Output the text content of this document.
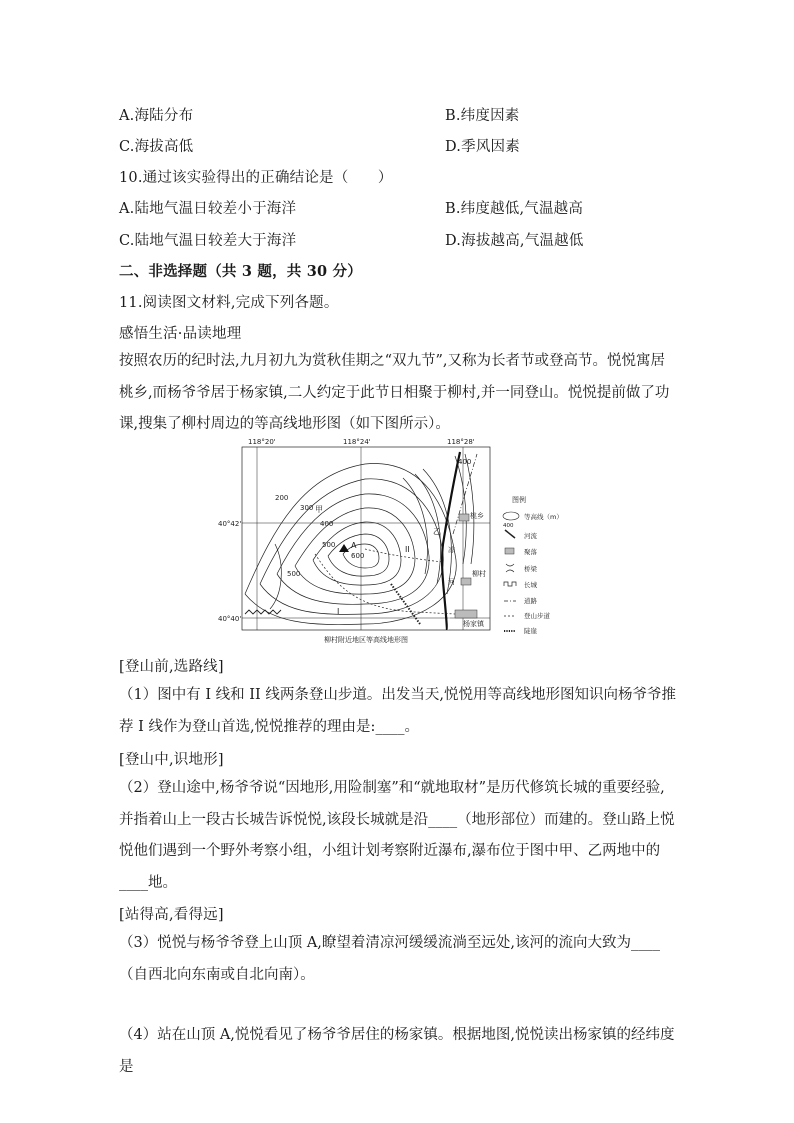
A.海陆分布	B.纬度因素
C.海拔高低	D.季风因素
10.通过该实验得出的正确结论是（　　）
A.陆地气温日较差小于海洋	B.纬度越低,气温越高
C.陆地气温日较差大于海洋	D.海拔越高,气温越低
二、非选择题（共 3 题，共 30 分）
11.阅读图文材料,完成下列各题。
感悟生活·品读地理
按照农历的纪时法,九月初九为赏秋佳期之“双九节”,又称为长者节或登高节。悦悦寓居桃乡,而杨爷爷居于杨家镇,二人约定于此节日相聚于柳村,并一同登山。悦悦提前做了功课,搜集了柳村周边的等高线地形图（如下图所示）。
118°20'	118°24'	118°28'
40°42'
40°40'
200
300
400
500
500
600
400
甲
乙
A
I
II
桃乡
柳村
杨家镇
凉
河
图例
400
等高线（m）
河流
聚落
桥梁
长城
道路
登山步道
陡崖
柳村附近地区等高线地形图
[登山前,选路线]
（1）图中有 I 线和 II 线两条登山步道。出发当天,悦悦用等高线地形图知识向杨爷爷推荐 I 线作为登山首选,悦悦推荐的理由是:____。
[登山中,识地形]
（2）登山途中,杨爷爷说“因地形,用险制塞”和“就地取材”是历代修筑长城的重要经验,并指着山上一段古长城告诉悦悦,该段长城就是沿____（地形部位）而建的。登山路上悦悦他们遇到一个野外考察小组，小组计划考察附近瀑布,瀑布位于图中甲、乙两地中的____地。
[站得高,看得远]
（3）悦悦与杨爷爷登上山顶 A,瞭望着清凉河缓缓流淌至远处,该河的流向大致为____（自西北向东南或自北向南）。
（4）站在山顶 A,悦悦看见了杨爷爷居住的杨家镇。根据地图,悦悦读出杨家镇的经纬度是
